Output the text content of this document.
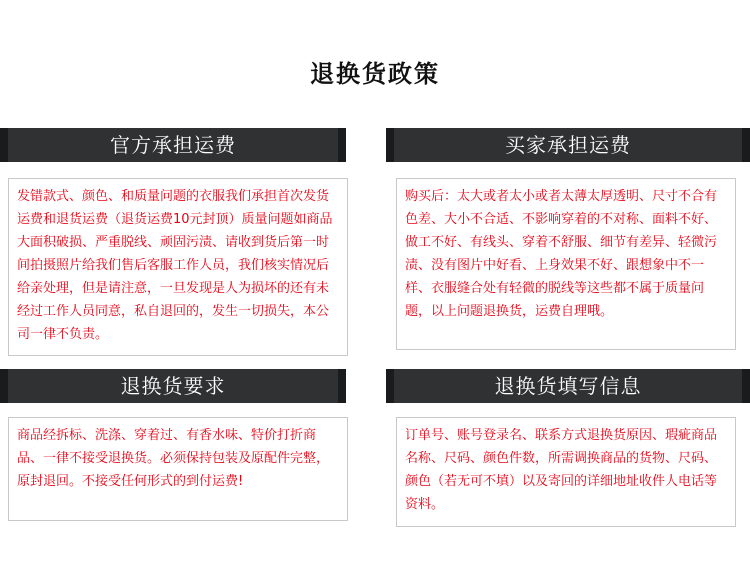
退换货政策
官方承担运费

发错款式、颜色、和质量问题的衣服我们承担首次发货运费和退货运费（退货运费10元封顶）质量问题如商品大面积破损、严重脱线、顽固污渍、请收到货后第一时间拍摄照片给我们售后客服工作人员，我们核实情况后给亲处理，但是请注意，一旦发现是人为损坏的还有未经过工作人员同意，私自退回的，发生一切损失，本公司一律不负责。

买家承担运费

购买后：太大或者太小或者太薄太厚透明、尺寸不合有色差、大小不合适、不影响穿着的不对称、面料不好、做工不好、有线头、穿着不舒服、细节有差异、轻微污渍、没有图片中好看、上身效果不好、跟想象中不一样、衣服缝合处有轻微的脱线等这些都不属于质量问题，以上问题退换货，运费自理哦。

退换货要求

商品经拆标、洗涤、穿着过、有香水味、特价打折商品、一律不接受退换货。必须保持包装及原配件完整，原封退回。不接受任何形式的到付运费!

退换货填写信息

订单号、账号登录名、联系方式退换货原因、瑕疵商品名称、尺码、颜色件数，所需调换商品的货物、尺码、颜色（若无可不填）以及寄回的详细地址收件人电话等资料。
